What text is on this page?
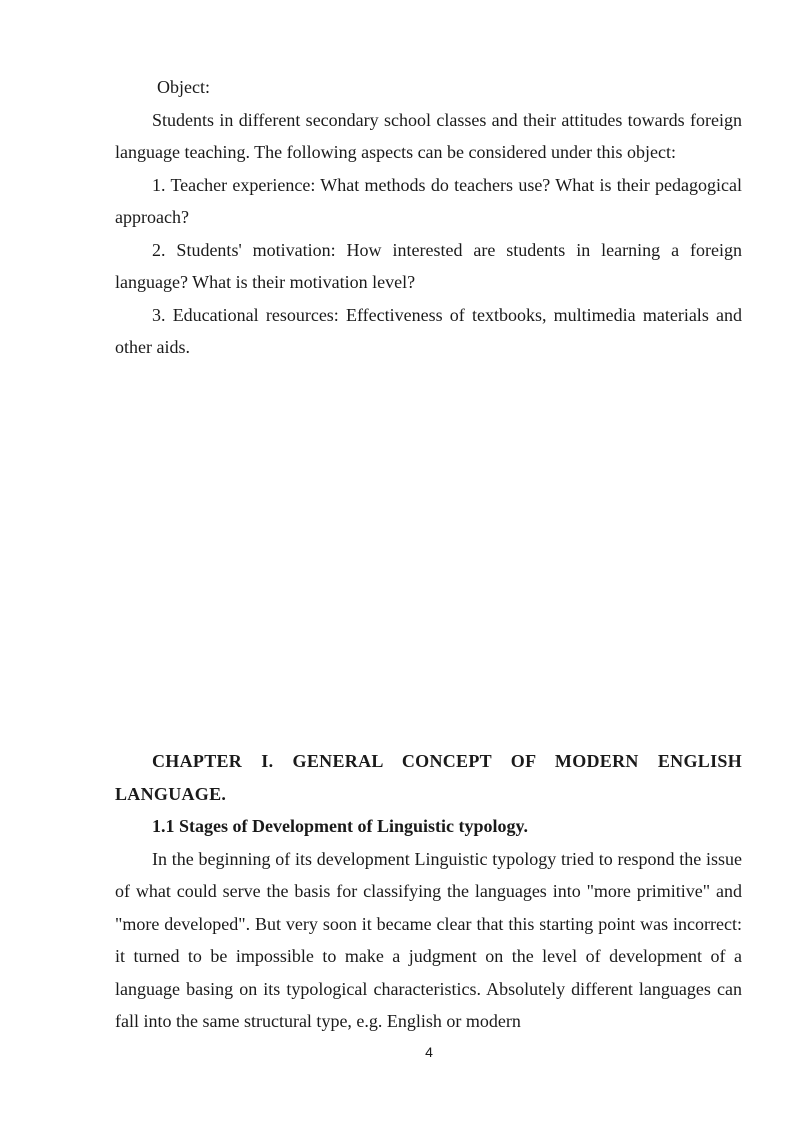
Object:

Students in different secondary school classes and their attitudes towards foreign language teaching. The following aspects can be considered under this object:

1. Teacher experience: What methods do teachers use? What is their pedagogical approach?

2. Students' motivation: How interested are students in learning a foreign language? What is their motivation level?

3. Educational resources: Effectiveness of textbooks, multimedia materials and other aids.

CHAPTER I. GENERAL CONCEPT OF MODERN ENGLISH LANGUAGE.

1.1 Stages of Development of Linguistic typology.

In the beginning of its development Linguistic typology tried to respond the issue of what could serve the basis for classifying the languages into "more primitive" and "more developed". But very soon it became clear that this starting point was incorrect: it turned to be impossible to make a judgment on the level of development of a language basing on its typological characteristics. Absolutely different languages can fall into the same structural type, e.g. English or modern

4
